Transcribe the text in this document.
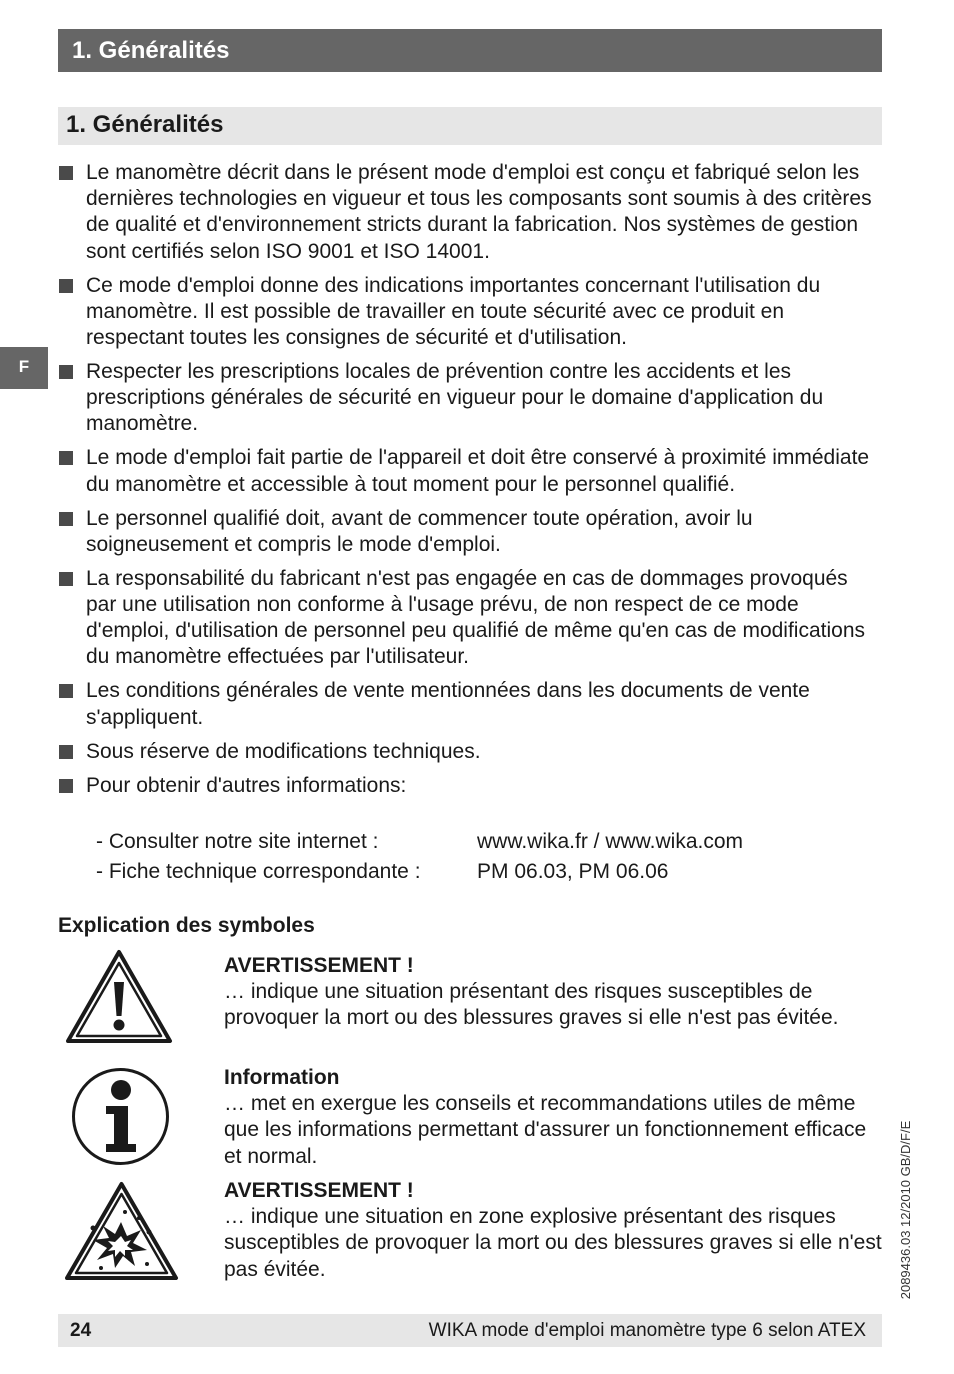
1. Généralités
1. Généralités
F
Le manomètre décrit dans le présent mode d'emploi est conçu et fabriqué selon les dernières technologies en vigueur et tous les composants sont soumis à des critères de qualité et d'environnement stricts durant la fabrication. Nos systèmes de gestion sont certifiés selon ISO 9001 et ISO 14001.
Ce mode d'emploi donne des indications importantes concernant l'utilisation du manomètre. Il est possible de travailler en toute sécurité avec ce produit en respectant toutes les consignes de sécurité et d'utilisation.
Respecter les prescriptions locales de prévention contre les accidents et les prescriptions générales de sécurité en vigueur pour le domaine d'application du manomètre.
Le mode d'emploi fait partie de l'appareil et doit être conservé à proximité immédiate du manomètre et accessible à tout moment pour le personnel qualifié.
Le personnel qualifié doit, avant de commencer toute opération, avoir lu soigneusement et compris le mode d'emploi.
La responsabilité du fabricant n'est pas engagée en cas de dommages provoqués par une utilisation non conforme à l'usage prévu, de non respect de ce mode d'emploi, d'utilisation de personnel peu qualifié de même qu'en cas de modifications du manomètre effectuées par l'utilisateur.
Les conditions générales de vente mentionnées dans les documents de vente s'appliquent.
Sous réserve de modifications techniques.
Pour obtenir d'autres informations:
- Consulter notre site internet :	www.wika.fr / www.wika.com
- Fiche technique correspondante :	PM 06.03, PM 06.06
Explication des symboles
AVERTISSEMENT !
… indique une situation présentant des risques susceptibles de provoquer la mort ou des blessures graves si elle n'est pas évitée.
Information
… met en exergue les conseils et recommandations utiles de même que les informations permettant d'assurer un fonctionnement efficace et normal.
AVERTISSEMENT !
… indique une situation en zone explosive présentant des risques susceptibles de provoquer la mort ou des blessures graves si elle n'est pas évitée.	2089436.03 12/2010 GB/D/F/E
24	WIKA mode d'emploi manomètre type 6 selon ATEX
